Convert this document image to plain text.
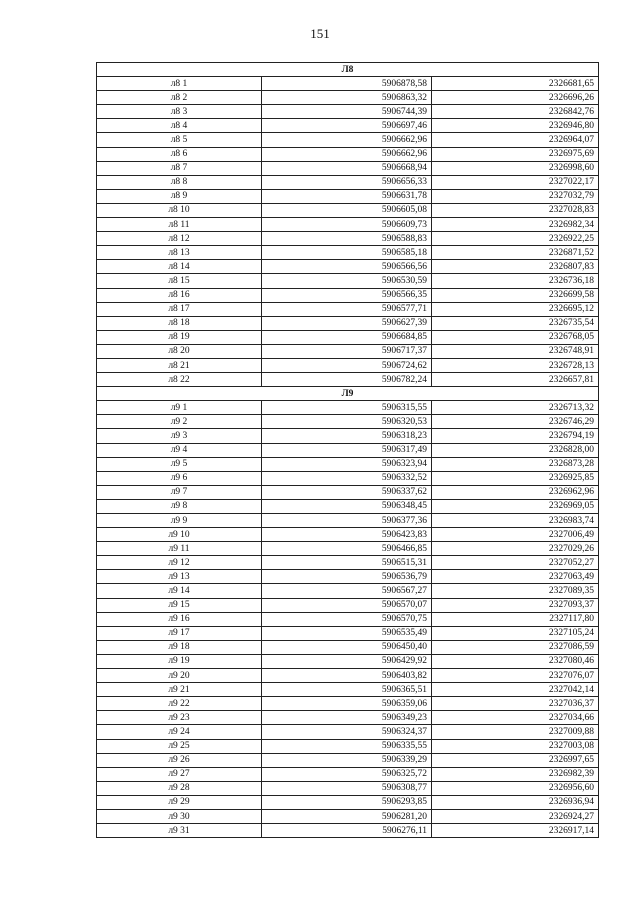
151
Л8		
л8 1	5906878,58	2326681,65
л8 2	5906863,32	2326696,26
л8 3	5906744,39	2326842,76
л8 4	5906697,46	2326946,80
л8 5	5906662,96	2326964,07
л8 6	5906662,96	2326975,69
л8 7	5906668,94	2326998,60
л8 8	5906656,33	2327022,17
л8 9	5906631,78	2327032,79
л8 10	5906605,08	2327028,83
л8 11	5906609,73	2326982,34
л8 12	5906588,83	2326922,25
л8 13	5906585,18	2326871,52
л8 14	5906566,56	2326807,83
л8 15	5906530,59	2326736,18
л8 16	5906566,35	2326699,58
л8 17	5906577,71	2326695,12
л8 18	5906627,39	2326735,54
л8 19	5906684,85	2326768,05
л8 20	5906717,37	2326748,91
л8 21	5906724,62	2326728,13
л8 22	5906782,24	2326657,81
Л9		
л9 1	5906315,55	2326713,32
л9 2	5906320,53	2326746,29
л9 3	5906318,23	2326794,19
л9 4	5906317,49	2326828,00
л9 5	5906323,94	2326873,28
л9 6	5906332,52	2326925,85
л9 7	5906337,62	2326962,96
л9 8	5906348,45	2326969,05
л9 9	5906377,36	2326983,74
л9 10	5906423,83	2327006,49
л9 11	5906466,85	2327029,26
л9 12	5906515,31	2327052,27
л9 13	5906536,79	2327063,49
л9 14	5906567,27	2327089,35
л9 15	5906570,07	2327093,37
л9 16	5906570,75	2327117,80
л9 17	5906535,49	2327105,24
л9 18	5906450,40	2327086,59
л9 19	5906429,92	2327080,46
л9 20	5906403,82	2327076,07
л9 21	5906365,51	2327042,14
л9 22	5906359,06	2327036,37
л9 23	5906349,23	2327034,66
л9 24	5906324,37	2327009,88
л9 25	5906335,55	2327003,08
л9 26	5906339,29	2326997,65
л9 27	5906325,72	2326982,39
л9 28	5906308,77	2326956,60
л9 29	5906293,85	2326936,94
л9 30	5906281,20	2326924,27
л9 31	5906276,11	2326917,14
